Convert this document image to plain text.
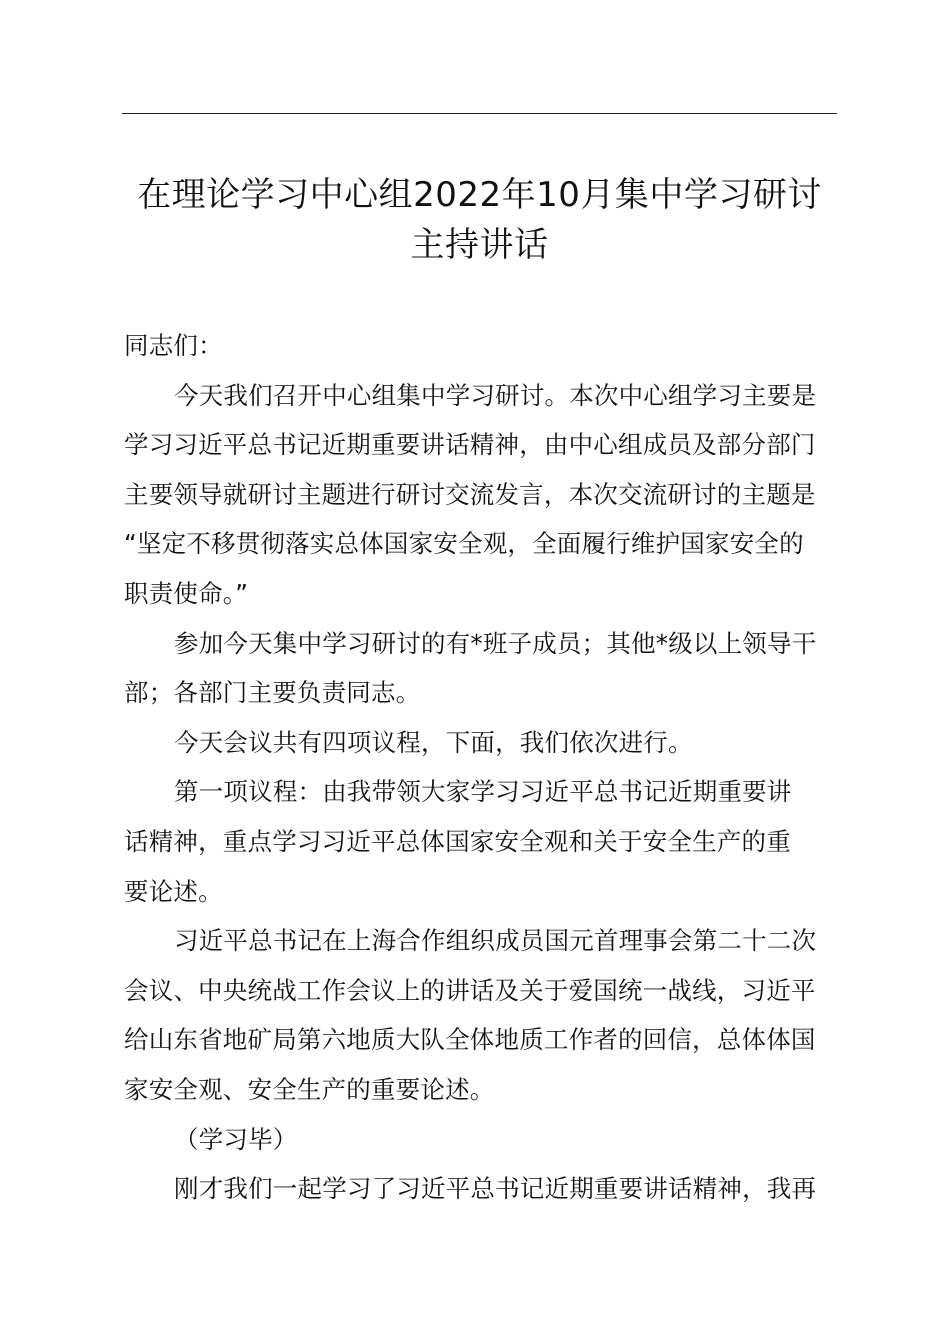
在理论学习中心组2022年10月集中学习研讨
主持讲话
同志们：
今天我们召开中心组集中学习研讨。本次中心组学习主要是
学习习近平总书记近期重要讲话精神，由中心组成员及部分部门
主要领导就研讨主题进行研讨交流发言，本次交流研讨的主题是
“坚定不移贯彻落实总体国家安全观，全面履行维护国家安全的
职责使命。”
参加今天集中学习研讨的有*班子成员；其他*级以上领导干
部；各部门主要负责同志。
今天会议共有四项议程，下面，我们依次进行。
第一项议程：由我带领大家学习习近平总书记近期重要讲
话精神，重点学习习近平总体国家安全观和关于安全生产的重
要论述。
习近平总书记在上海合作组织成员国元首理事会第二十二次
会议、中央统战工作会议上的讲话及关于爱国统一战线，习近平
给山东省地矿局第六地质大队全体地质工作者的回信，总体体国
家安全观、安全生产的重要论述。
（学习毕）
刚才我们一起学习了习近平总书记近期重要讲话精神，我再
